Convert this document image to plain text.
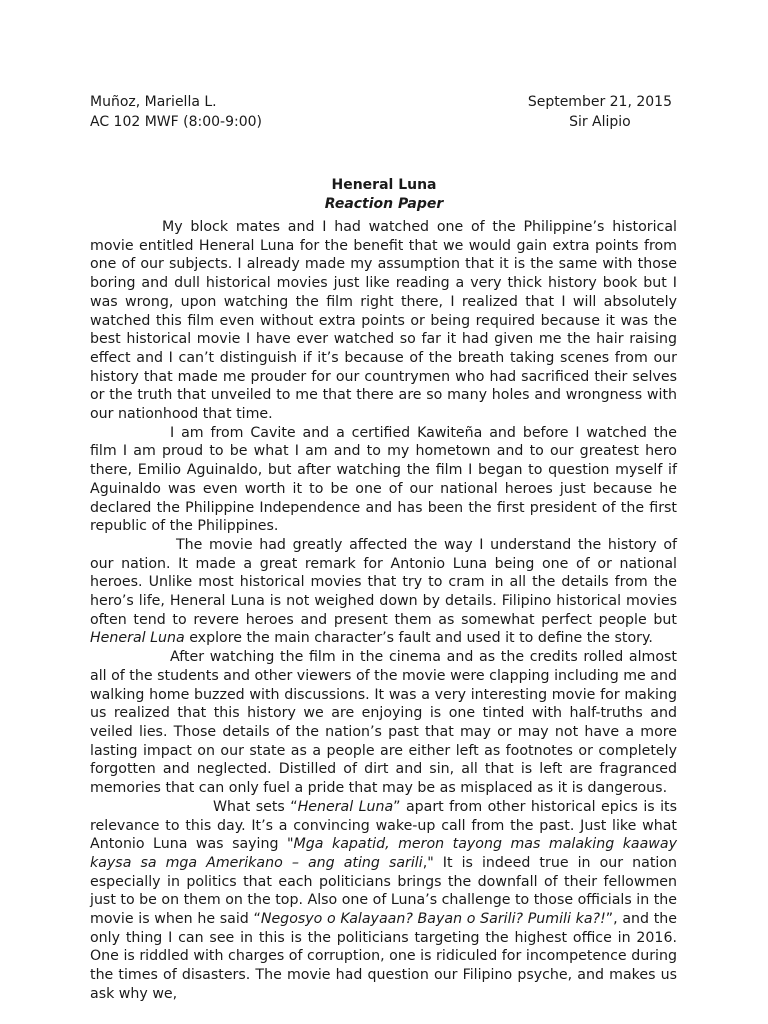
Muñoz, Mariella L.
AC 102 MWF (8:00-9:00)
September 21, 2015
Sir Alipio
Heneral Luna
Reaction Paper

My block mates and I had watched one of the Philippine’s historical movie entitled Heneral Luna for the benefit that we would gain extra points from one of our subjects. I already made my assumption that it is the same with those boring and dull historical movies just like reading a very thick history book but I was wrong, upon watching the film right there, I realized that I will absolutely watched this film even without extra points or being required because it was the best historical movie I have ever watched so far it had given me the hair raising effect and I can’t distinguish if it’s because of the breath taking scenes from our history that made me prouder for our countrymen who had sacrificed their selves or the truth that unveiled to me that there are so many holes and wrongness with our nationhood that time.

I am from Cavite and a certified Kawiteña and before I watched the film I am proud to be what I am and to my hometown and to our greatest hero there, Emilio Aguinaldo, but after watching the film I began to question myself if Aguinaldo was even worth it to be one of our national heroes just because he declared the Philippine Independence and has been the first president of the first republic of the Philippines.

The movie had greatly affected the way I understand the history of our nation. It made a great remark for Antonio Luna being one of or national heroes. Unlike most historical movies that try to cram in all the details from the hero’s life, Heneral Luna is not weighed down by details. Filipino historical movies often tend to revere heroes and present them as somewhat perfect people but Heneral Luna explore the main character’s fault and used it to define the story.

After watching the film in the cinema and as the credits rolled almost all of the students and other viewers of the movie were clapping including me and walking home buzzed with discussions. It was a very interesting movie for making us realized that this history we are enjoying is one tinted with half-truths and veiled lies. Those details of the nation’s past that may or may not have a more lasting impact on our state as a people are either left as footnotes or completely forgotten and neglected. Distilled of dirt and sin, all that is left are fragranced memories that can only fuel a pride that may be as misplaced as it is dangerous.

What sets “Heneral Luna” apart from other historical epics is its relevance to this day. It’s a convincing wake-up call from the past. Just like what Antonio Luna was saying "Mga kapatid, meron tayong mas malaking kaaway kaysa sa mga Amerikano – ang ating sarili," It is indeed true in our nation especially in politics that each politicians brings the downfall of their fellowmen just to be on them on the top. Also one of Luna’s challenge to those officials in the movie is when he said “Negosyo o Kalayaan? Bayan o Sarili? Pumili ka?!”, and the only thing I can see in this is the politicians targeting the highest office in 2016. One is riddled with charges of corruption, one is ridiculed for incompetence during the times of disasters. The movie had question our Filipino psyche, and makes us ask why we,
